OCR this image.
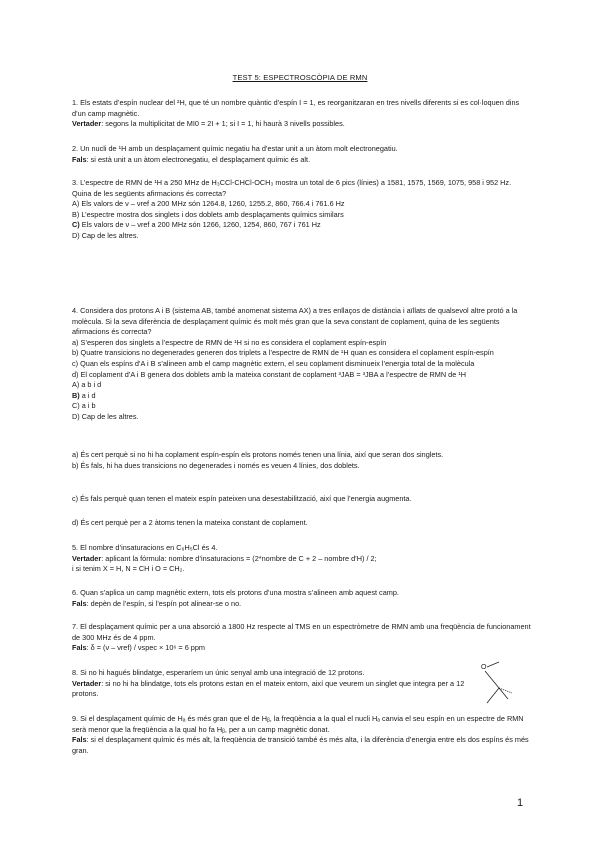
TEST 5: ESPECTROSCÒPIA DE RMN

1. Els estats d’espín nuclear del ²H, que té un nombre quàntic d’espín I = 1, es reorganitzaran en tres nivells diferents si es col·loquen dins d’un camp magnètic.

Vertader: segons la multiplicitat de MI0 = 2I + 1; si I = 1, hi haurà 3 nivells possibles.

2. Un nucli de ¹H amb un desplaçament químic negatiu ha d’estar unit a un àtom molt electronegatiu.

Fals: si està unit a un àtom electronegatiu, el desplaçament químic és alt.

3. L’espectre de RMN de ¹H a 250 MHz de H₃CCl-CHCl-OCH₃ mostra un total de 6 pics (línies) a 1581, 1575, 1569, 1075, 958 i 952 Hz.

Quina de les següents afirmacions és correcta?

A) Els valors de ν – νref a 200 MHz són 1264.8, 1260, 1255.2, 860, 766.4 i 761.6 Hz

B) L’espectre mostra dos singlets i dos doblets amb desplaçaments químics similars

C) Els valors de ν – νref a 200 MHz són 1266, 1260, 1254, 860, 767 i 761 Hz

D) Cap de les altres.

4. Considera dos protons A i B (sistema AB, també anomenat sistema AX) a tres enllaços de distància i aïllats de qualsevol altre protó a la molècula. Si la seva diferència de desplaçament químic és molt més gran que la seva constant de coplament, quina de les següents afirmacions és correcta?

a) S’esperen dos singlets a l’espectre de RMN de ¹H si no es considera el coplament espín-espín

b) Quatre transicions no degenerades generen dos triplets a l’espectre de RMN de ¹H quan es considera el coplament espín-espín

c) Quan els espíns d’A i B s’alineen amb el camp magnètic extern, el seu coplament disminueix l’energia total de la molècula

d) El coplament d’A i B genera dos doblets amb la mateixa constant de coplament ³JAB = ³JBA a l’espectre de RMN de ¹H

A) a b i d

B) a i d

C) a i b

D) Cap de les altres.

a) És cert perquè si no hi ha coplament espín-espín els protons només tenen una línia, així que seran dos singlets.

b) És fals, hi ha dues transicions no degenerades i només es veuen 4 línies, dos doblets.

c) És fals perquè quan tenen el mateix espín pateixen una desestabilització, així que l’energia augmenta.

d) És cert perquè per a 2 àtoms tenen la mateixa constant de coplament.

5. El nombre d’insaturacions en C₆H₅Cl és 4.

Vertader: aplicant la fórmula: nombre d’insaturacions = (2*nombre de C + 2 – nombre d’H) / 2;

i si tenim X = H, N = CH i O = CH₂.

6. Quan s’aplica un camp magnètic extern, tots els protons d’una mostra s’alineen amb aquest camp.

Fals: depèn de l’espín, si l’espín pot alinear-se o no.

7. El desplaçament químic per a una absorció a 1800 Hz respecte al TMS en un espectròmetre de RMN amb una freqüència de funcionament de 300 MHz és de 4 ppm.

Fals: δ = (ν – νref) / νspec × 10⁶ = 6 ppm

8. Si no hi hagués blindatge, esperaríem un únic senyal amb una integració de 12 protons.

Vertader: si no hi ha blindatge, tots els protons estan en el mateix entorn, així que veurem un singlet que integra per a 12 protons.

O

9. Si el desplaçament químic de Hₐ és més gran que el de Hᵦ, la freqüència a la qual el nucli Hₐ canvia el seu espín en un espectre de RMN serà menor que la freqüència a la qual ho fa Hᵦ, per a un camp magnètic donat.

Fals: si el desplaçament químic és més alt, la freqüència de transició també és més alta, i la diferència d’energia entre els dos espíns és més gran.

1
